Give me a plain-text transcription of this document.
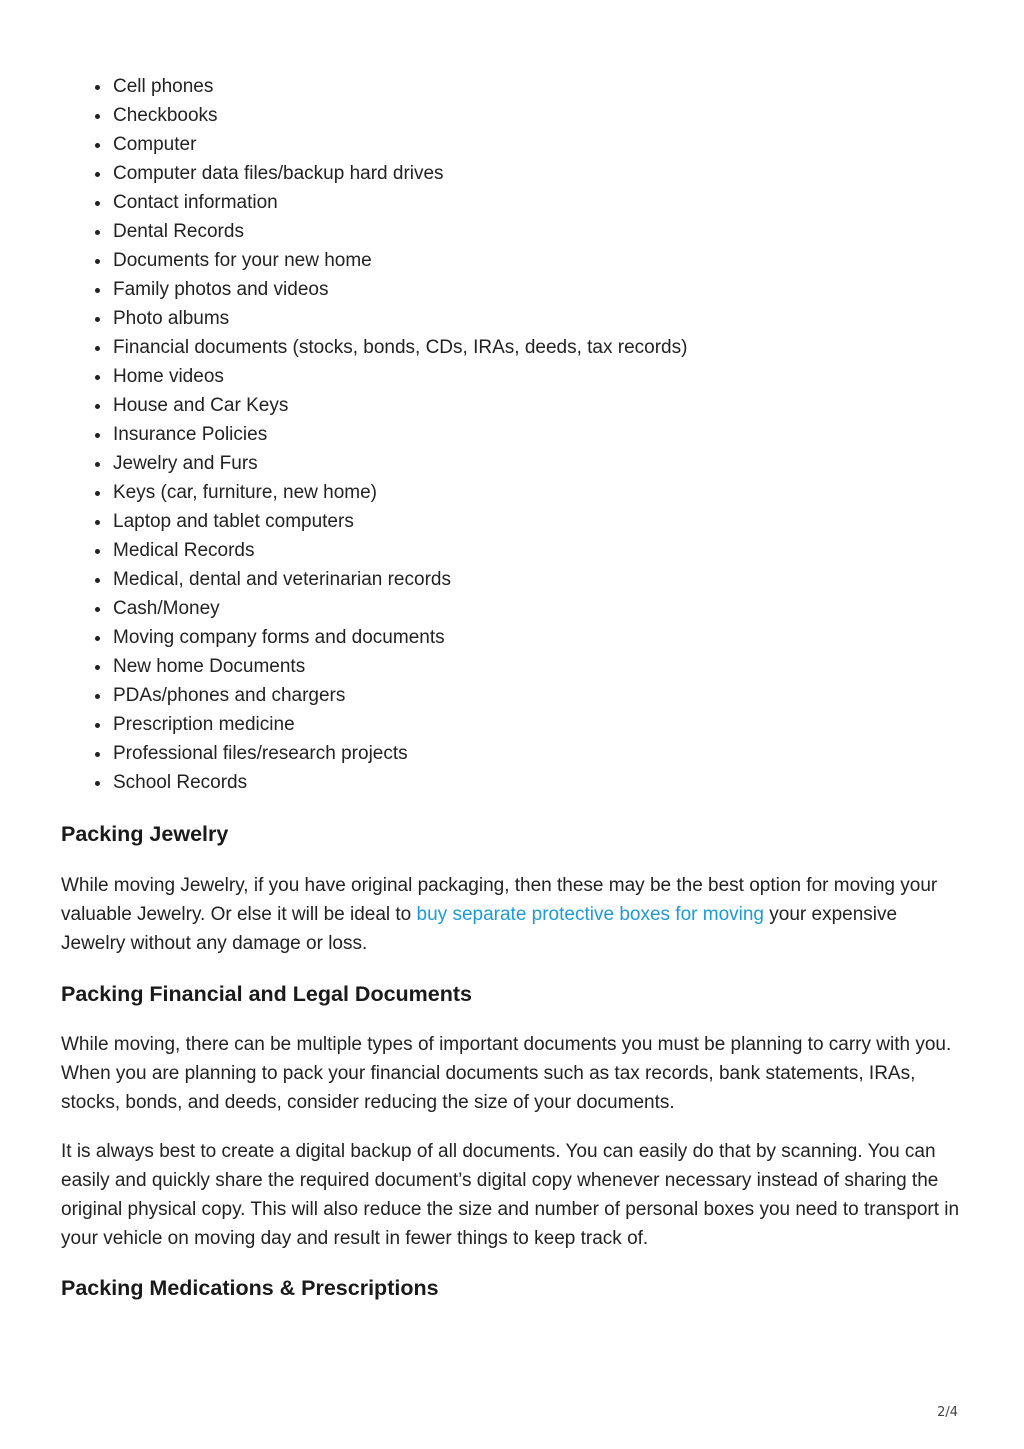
• Cell phones
• Checkbooks
• Computer
• Computer data files/backup hard drives
• Contact information
• Dental Records
• Documents for your new home
• Family photos and videos
• Photo albums
• Financial documents (stocks, bonds, CDs, IRAs, deeds, tax records)
• Home videos
• House and Car Keys
• Insurance Policies
• Jewelry and Furs
• Keys (car, furniture, new home)
• Laptop and tablet computers
• Medical Records
• Medical, dental and veterinarian records
• Cash/Money
• Moving company forms and documents
• New home Documents
• PDAs/phones and chargers
• Prescription medicine
• Professional files/research projects
• School Records
Packing Jewelry

While moving Jewelry, if you have original packaging, then these may be the best option for moving your valuable Jewelry. Or else it will be ideal to buy separate protective boxes for moving your expensive Jewelry without any damage or loss.

Packing Financial and Legal Documents

While moving, there can be multiple types of important documents you must be planning to carry with you. When you are planning to pack your financial documents such as tax records, bank statements, IRAs, stocks, bonds, and deeds, consider reducing the size of your documents.

It is always best to create a digital backup of all documents. You can easily do that by scanning. You can easily and quickly share the required document’s digital copy whenever necessary instead of sharing the original physical copy. This will also reduce the size and number of personal boxes you need to transport in your vehicle on moving day and result in fewer things to keep track of.

Packing Medications & Prescriptions
2/4
